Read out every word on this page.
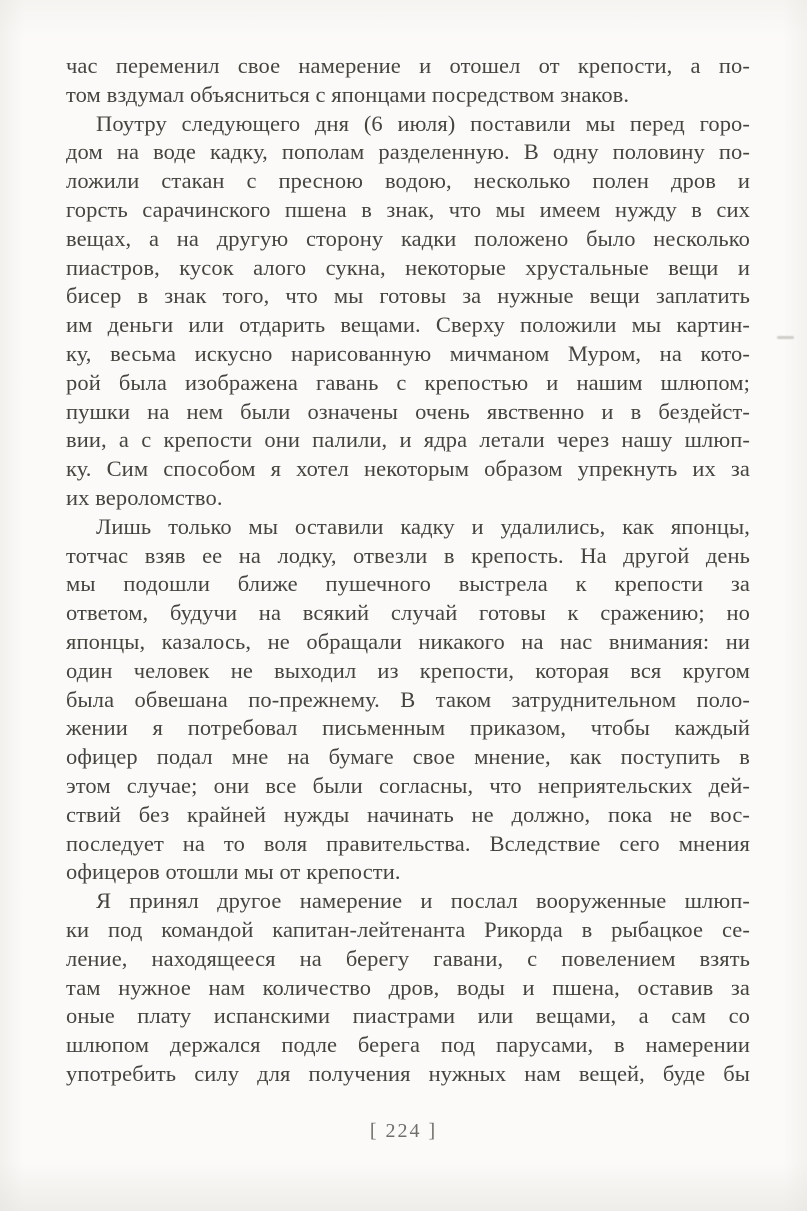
час переменил свое намерение и отошел от крепости, а по-
том вздумал объясниться с японцами посредством знаков.
Поутру следующего дня (6 июля) поставили мы перед горо-
дом на воде кадку, пополам разделенную. В одну половину по-
ложили стакан с пресною водою, несколько полен дров и
горсть сарачинского пшена в знак, что мы имеем нужду в сих
вещах, а на другую сторону кадки положено было несколько
пиастров, кусок алого сукна, некоторые хрустальные вещи и
бисер в знак того, что мы готовы за нужные вещи заплатить
им деньги или отдарить вещами. Сверху положили мы картин-
ку, весьма искусно нарисованную мичманом Муром, на кото-
рой была изображена гавань с крепостью и нашим шлюпом;
пушки на нем были означены очень явственно и в бездейст-
вии, а с крепости они палили, и ядра летали через нашу шлюп-
ку. Сим способом я хотел некоторым образом упрекнуть их за
их вероломство.
Лишь только мы оставили кадку и удалились, как японцы,
тотчас взяв ее на лодку, отвезли в крепость. На другой день
мы подошли ближе пушечного выстрела к крепости за
ответом, будучи на всякий случай готовы к сражению; но
японцы, казалось, не обращали никакого на нас внимания: ни
один человек не выходил из крепости, которая вся кругом
была обвешана по-прежнему. В таком затруднительном поло-
жении я потребовал письменным приказом, чтобы каждый
офицер подал мне на бумаге свое мнение, как поступить в
этом случае; они все были согласны, что неприятельских дей-
ствий без крайней нужды начинать не должно, пока не вос-
последует на то воля правительства. Вследствие сего мнения
офицеров отошли мы от крепости.
Я принял другое намерение и послал вооруженные шлюп-
ки под командой капитан-лейтенанта Рикорда в рыбацкое се-
ление, находящееся на берегу гавани, с повелением взять
там нужное нам количество дров, воды и пшена, оставив за
оные плату испанскими пиастрами или вещами, а сам со
шлюпом держался подле берега под парусами, в намерении
употребить силу для получения нужных нам вещей, буде бы
[ 224 ]
